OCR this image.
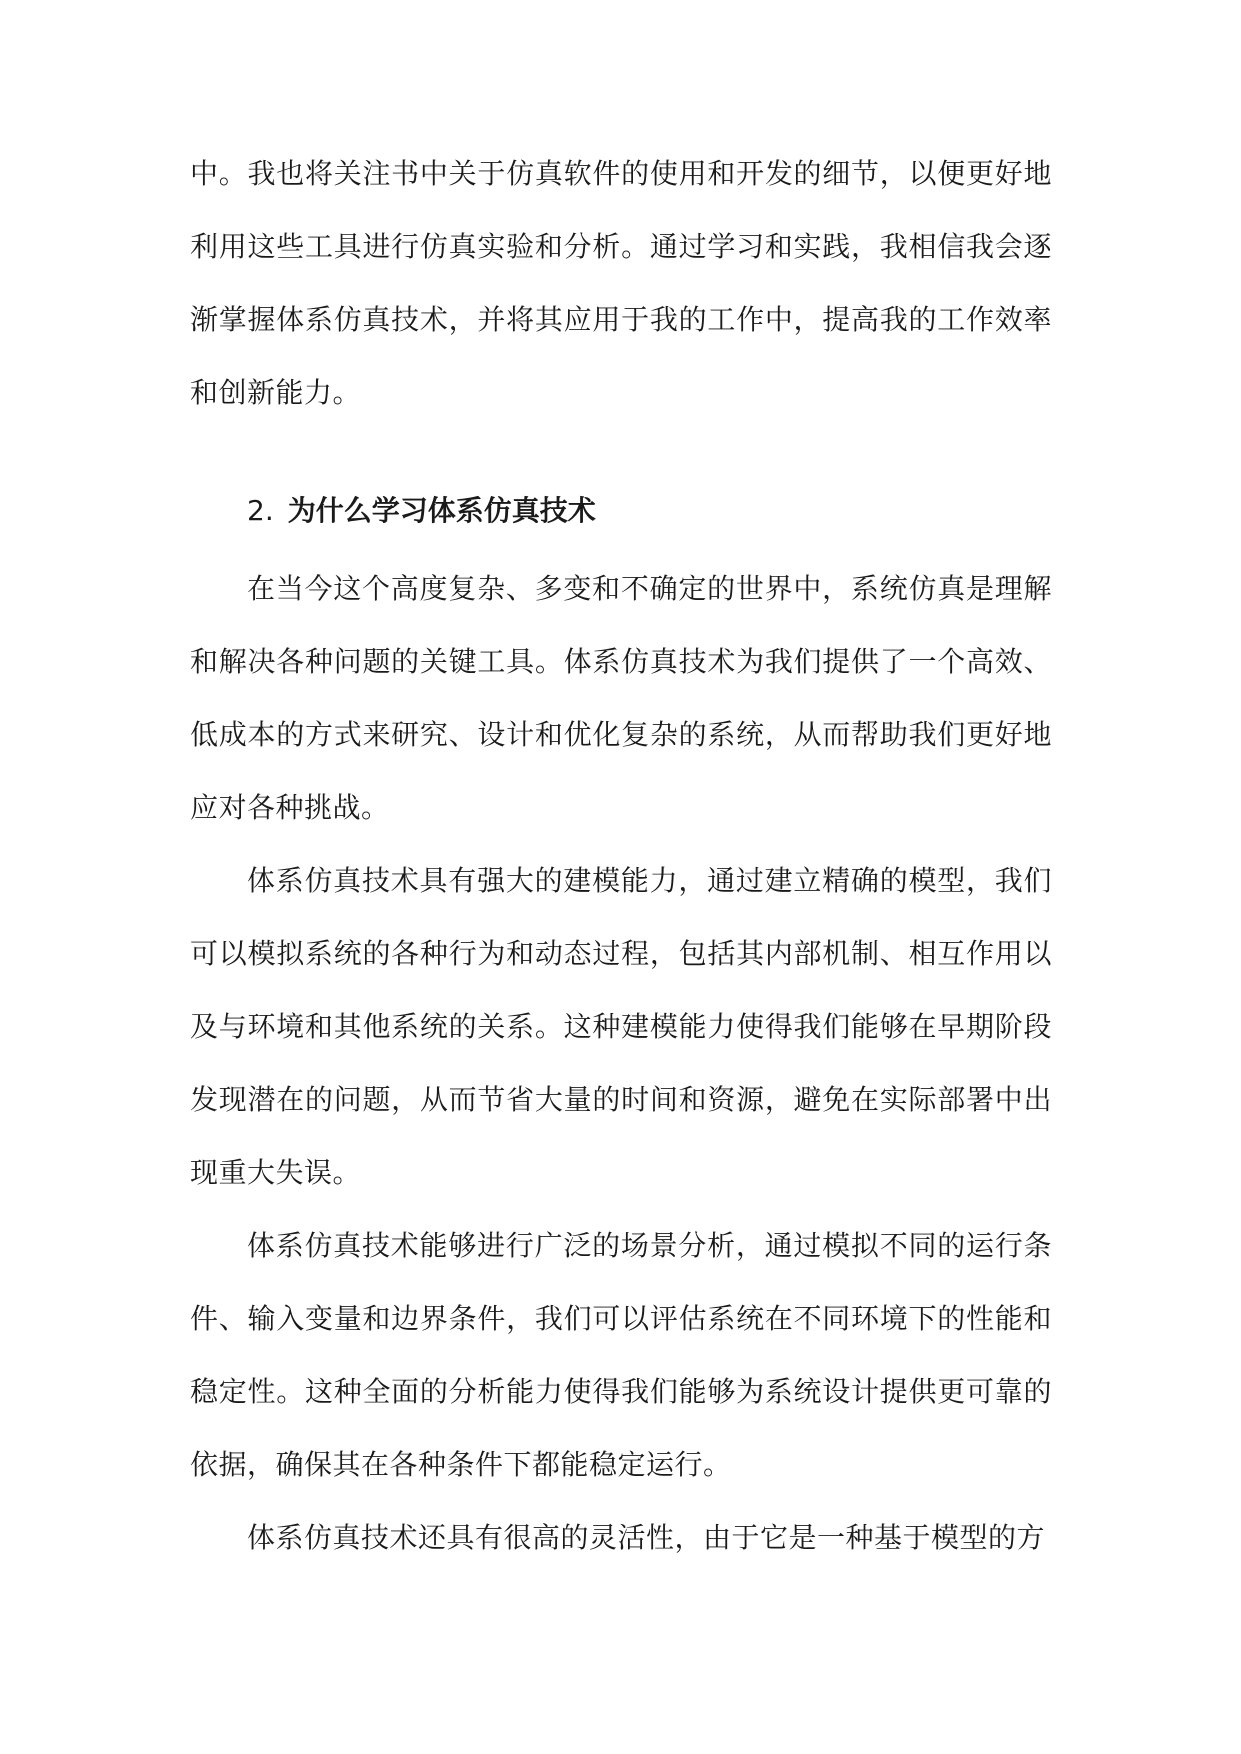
中。我也将关注书中关于仿真软件的使用和开发的细节，以便更好地利用这些工具进行仿真实验和分析。通过学习和实践，我相信我会逐渐掌握体系仿真技术，并将其应用于我的工作中，提高我的工作效率和创新能力。

2. 为什么学习体系仿真技术

在当今这个高度复杂、多变和不确定的世界中，系统仿真是理解和解决各种问题的关键工具。体系仿真技术为我们提供了一个高效、低成本的方式来研究、设计和优化复杂的系统，从而帮助我们更好地应对各种挑战。

体系仿真技术具有强大的建模能力，通过建立精确的模型，我们可以模拟系统的各种行为和动态过程，包括其内部机制、相互作用以及与环境和其他系统的关系。这种建模能力使得我们能够在早期阶段发现潜在的问题，从而节省大量的时间和资源，避免在实际部署中出现重大失误。

体系仿真技术能够进行广泛的场景分析，通过模拟不同的运行条件、输入变量和边界条件，我们可以评估系统在不同环境下的性能和稳定性。这种全面的分析能力使得我们能够为系统设计提供更可靠的依据，确保其在各种条件下都能稳定运行。

体系仿真技术还具有很高的灵活性，由于它是一种基于模型的方
